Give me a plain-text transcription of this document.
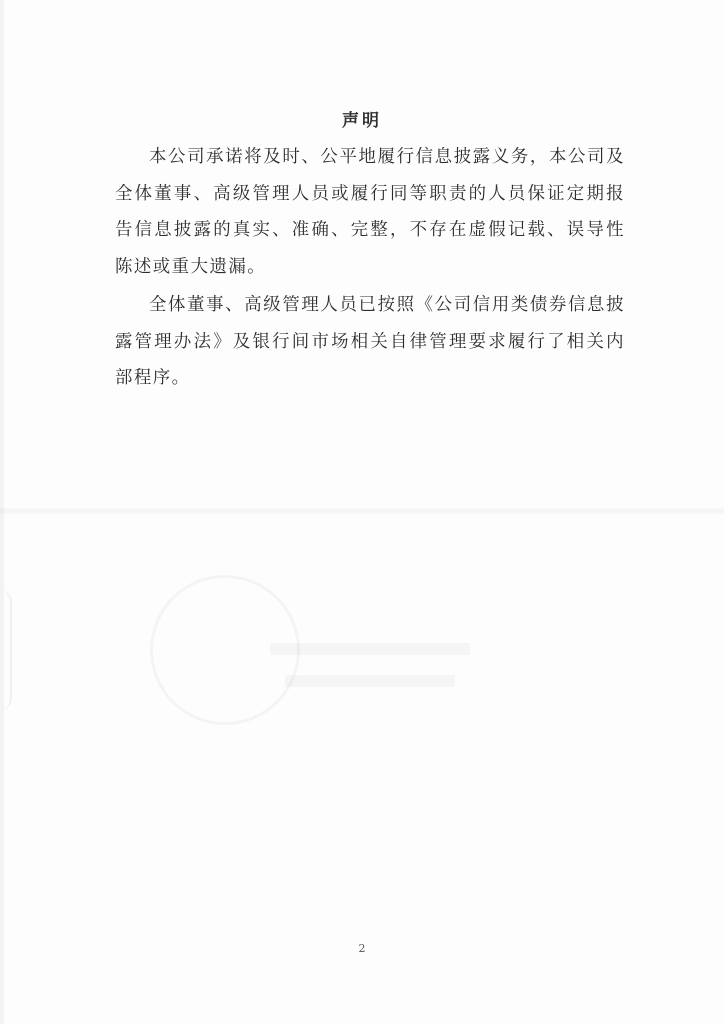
声明

本公司承诺将及时、公平地履行信息披露义务，本公司及全体董事、高级管理人员或履行同等职责的人员保证定期报告信息披露的真实、准确、完整，不存在虚假记载、误导性陈述或重大遗漏。

全体董事、高级管理人员已按照《公司信用类债券信息披露管理办法》及银行间市场相关自律管理要求履行了相关内部程序。

2
